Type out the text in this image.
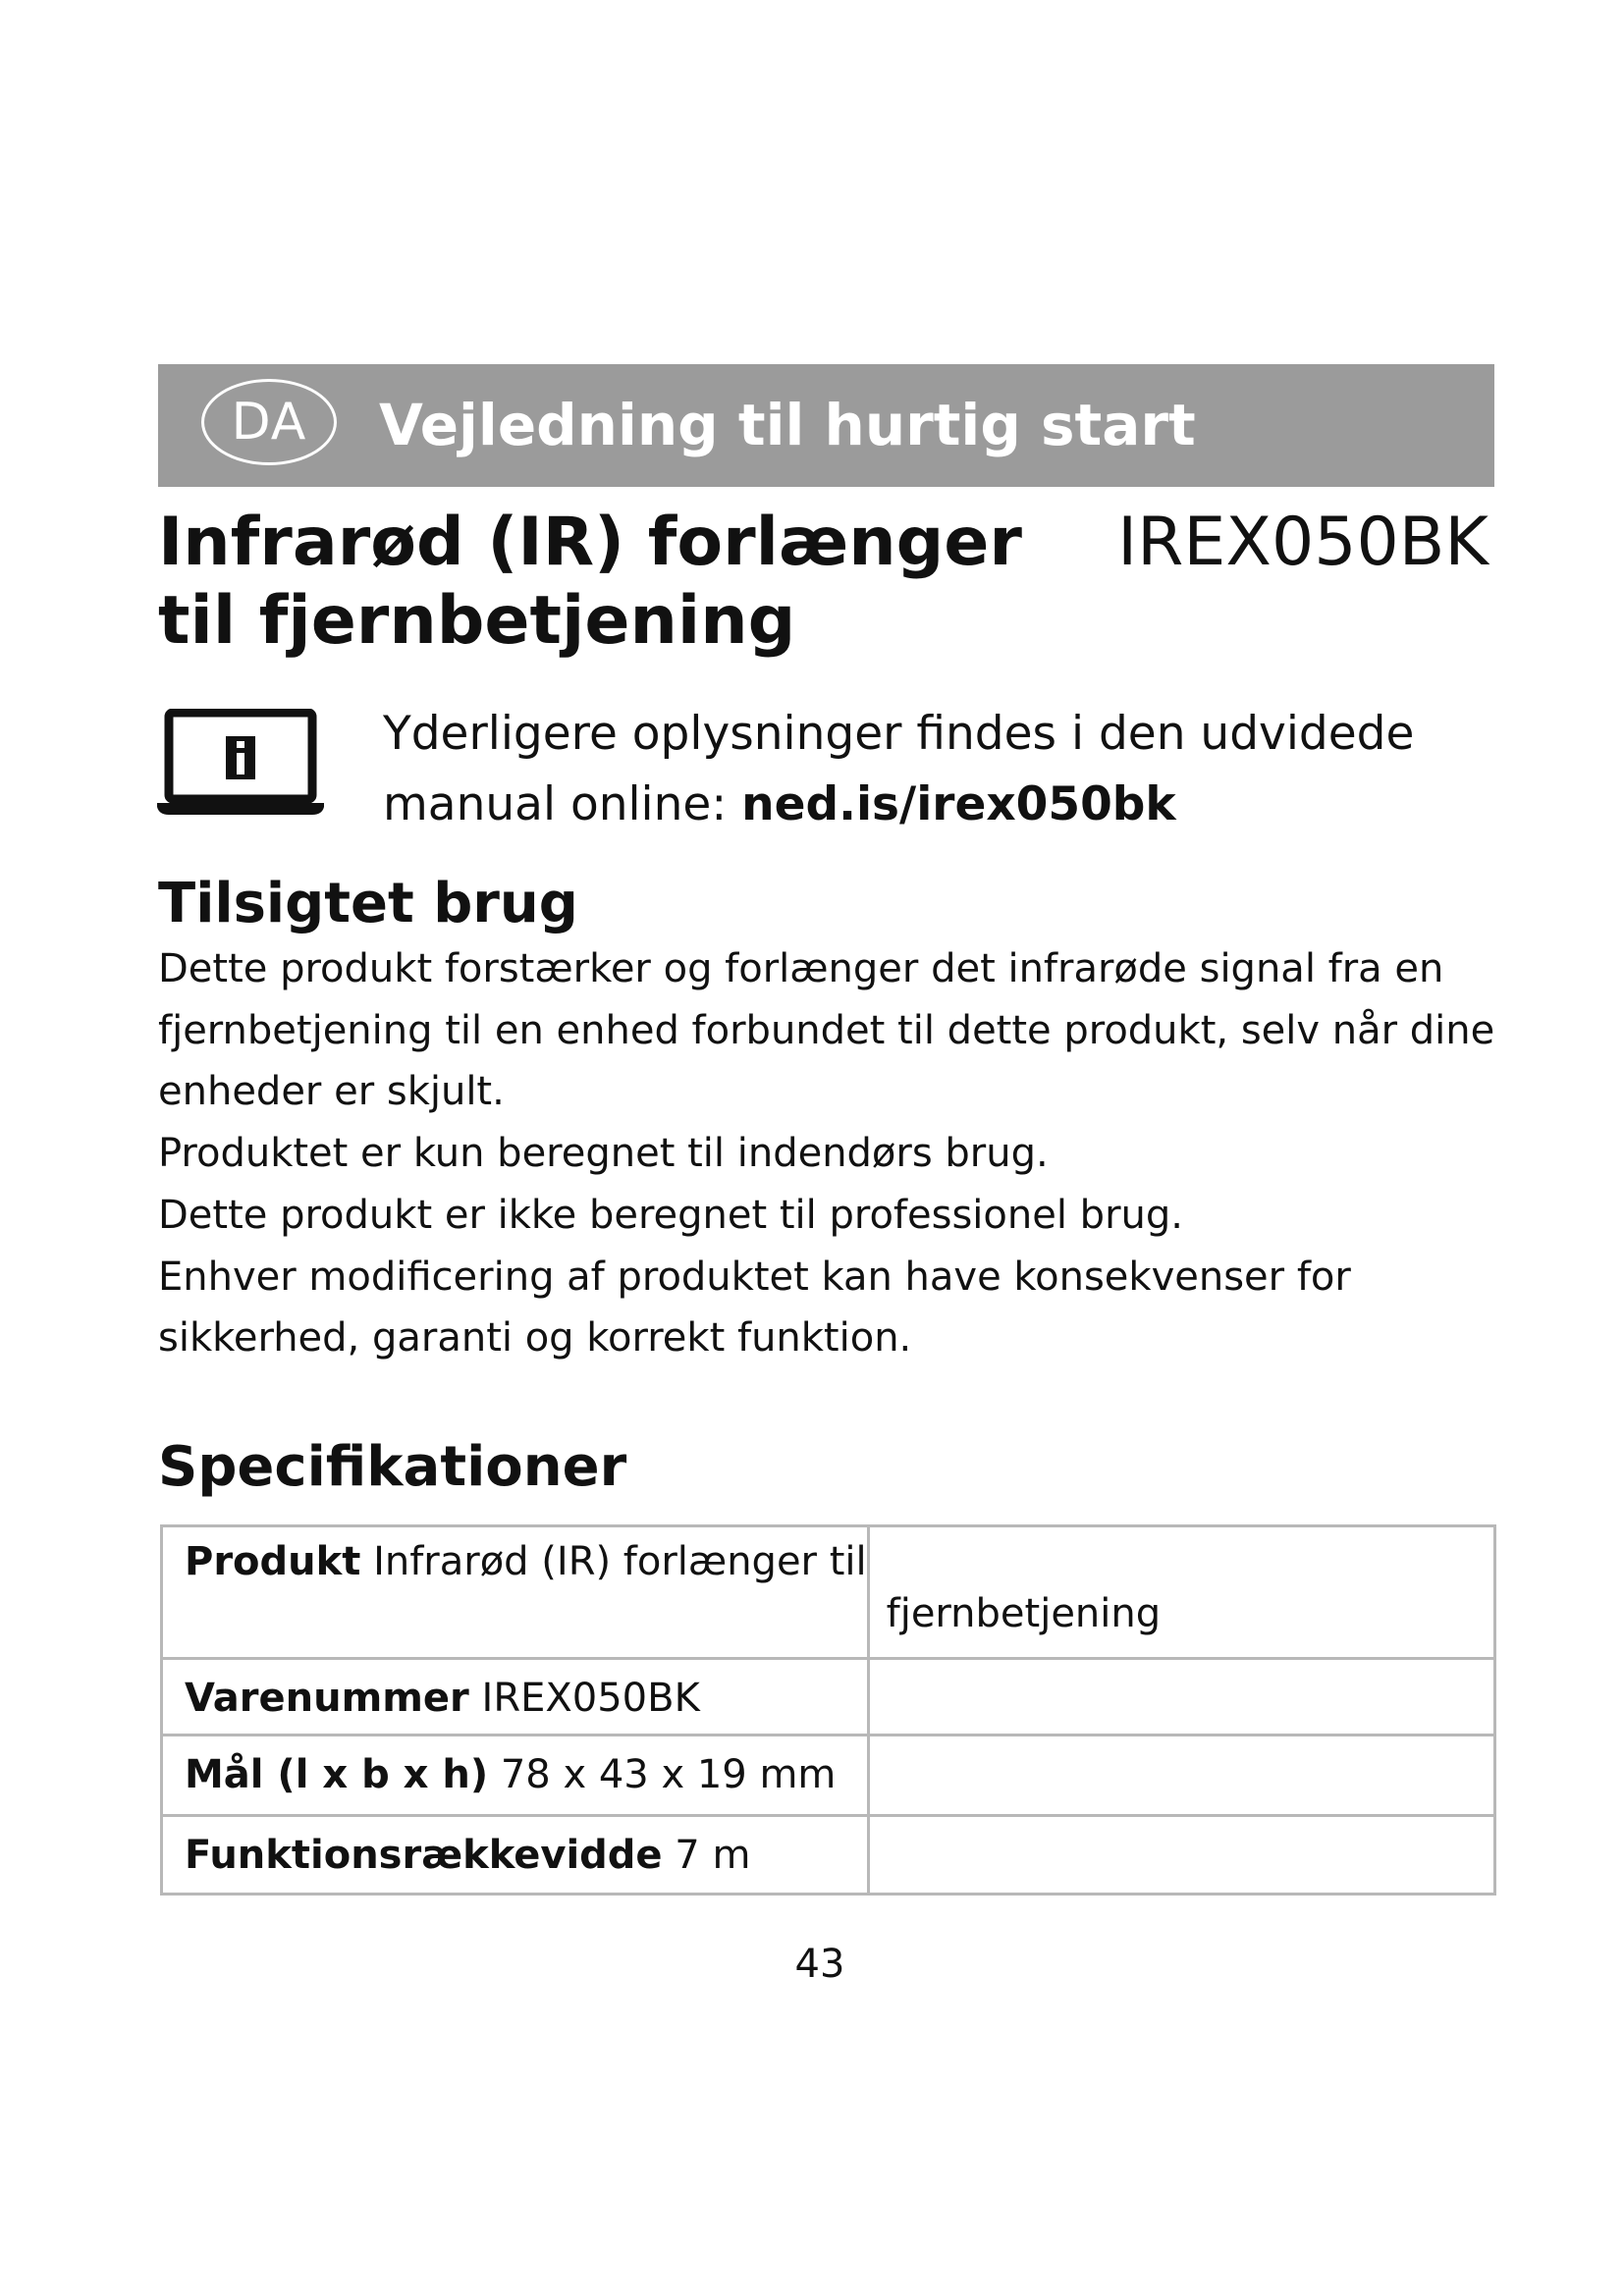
DA	Vejledning til hurtig start
Infrarød (IR) forlænger til fjernbetjening
IREX050BK
Yderligere oplysninger findes i den udvidede manual online: ned.is/irex050bk
Tilsigtet brug

Dette produkt forstærker og forlænger det infrarøde signal fra en fjernbetjening til en enhed forbundet til dette produkt, selv når dine enheder er skjult.

Produktet er kun beregnet til indendørs brug.

Dette produkt er ikke beregnet til professionel brug.

Enhver modificering af produktet kan have konsekvenser for sikkerhed, garanti og korrekt funktion.

Specifikationer
Produkt Infrarød (IR) forlænger til	fjernbetjening
Varenummer IREX050BK	
Mål (l x b x h) 78 x 43 x 19 mm	
Funktionsrækkevidde 7 m	
43
